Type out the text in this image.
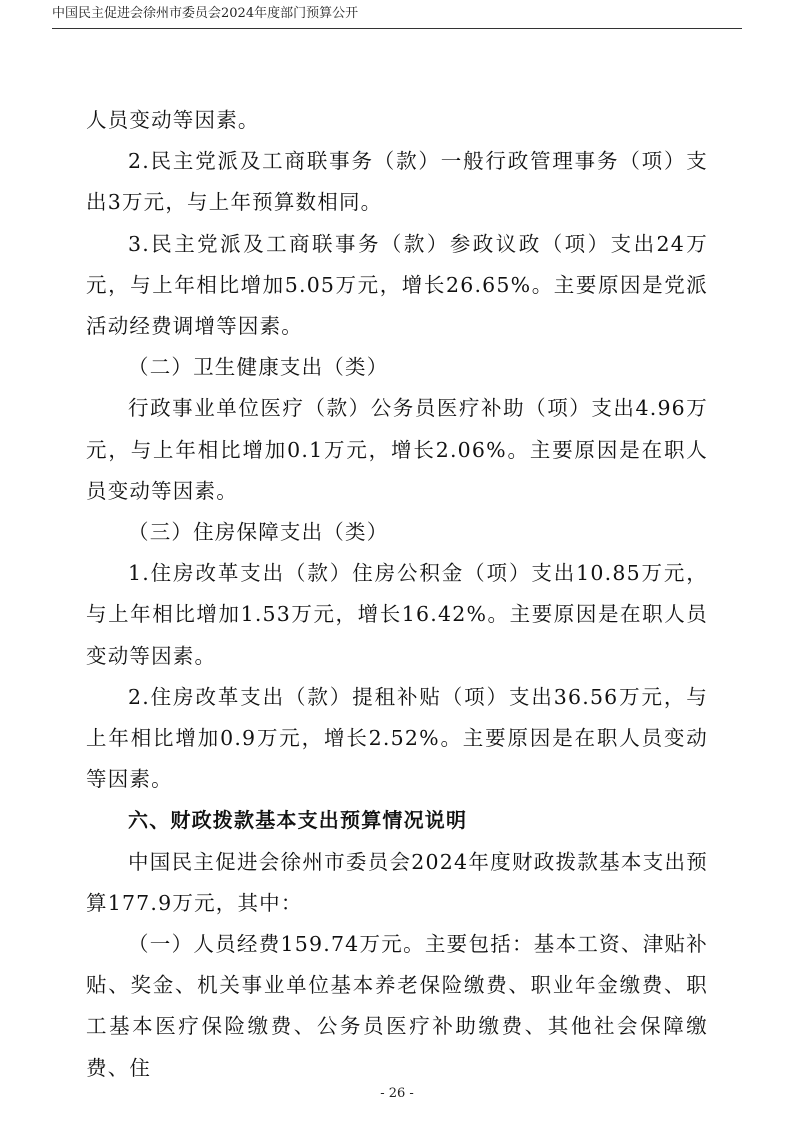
中国民主促进会徐州市委员会2024年度部门预算公开

人员变动等因素。

2.民主党派及工商联事务（款）一般行政管理事务（项）支出3万元，与上年预算数相同。

3.民主党派及工商联事务（款）参政议政（项）支出24万元，与上年相比增加5.05万元，增长26.65%。主要原因是党派活动经费调增等因素。

（二）卫生健康支出（类）

行政事业单位医疗（款）公务员医疗补助（项）支出4.96万元，与上年相比增加0.1万元，增长2.06%。主要原因是在职人员变动等因素。

（三）住房保障支出（类）

1.住房改革支出（款）住房公积金（项）支出10.85万元，与上年相比增加1.53万元，增长16.42%。主要原因是在职人员变动等因素。

2.住房改革支出（款）提租补贴（项）支出36.56万元，与上年相比增加0.9万元，增长2.52%。主要原因是在职人员变动等因素。

六、财政拨款基本支出预算情况说明

中国民主促进会徐州市委员会2024年度财政拨款基本支出预算177.9万元，其中：

（一）人员经费159.74万元。主要包括：基本工资、津贴补贴、奖金、机关事业单位基本养老保险缴费、职业年金缴费、职工基本医疗保险缴费、公务员医疗补助缴费、其他社会保障缴费、住

- 26 -
